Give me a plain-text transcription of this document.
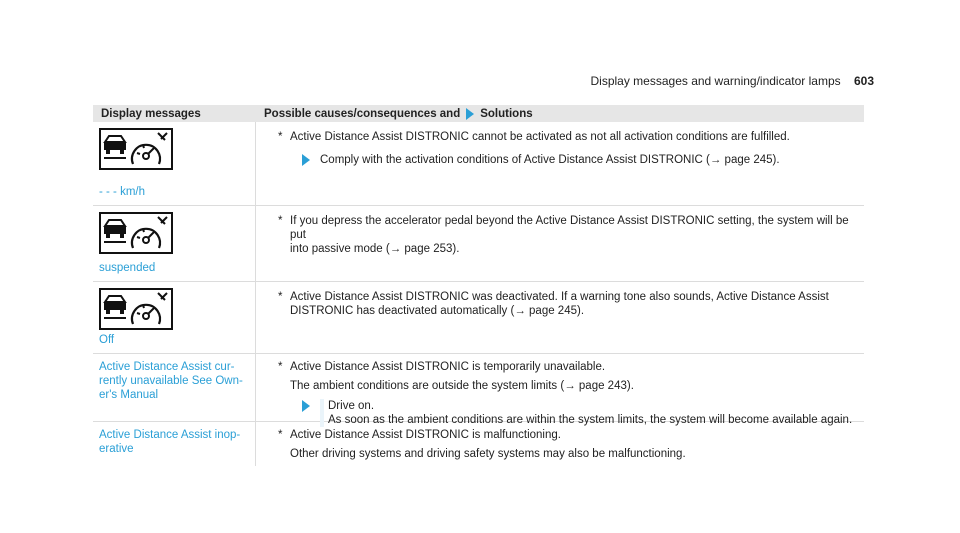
Display messages and warning/indicator lamps 603
Display messages	Possible causes/consequences and Solutions
- - - km/h
* Active Distance Assist DISTRONIC cannot be activated as not all activation conditions are fulfilled.
Comply with the activation conditions of Active Distance Assist DISTRONIC (→ page 245).
suspended
* If you depress the accelerator pedal beyond the Active Distance Assist DISTRONIC setting, the system will be put
into passive mode (→ page 253).
Off
* Active Distance Assist DISTRONIC was deactivated. If a warning tone also sounds, Active Distance Assist
DISTRONIC has deactivated automatically (→ page 245).
Active Distance Assist cur-
rently unavailable See Own-
er's Manual
* Active Distance Assist DISTRONIC is temporarily unavailable.
The ambient conditions are outside the system limits (→ page 243).
Drive on.
As soon as the ambient conditions are within the system limits, the system will become available again.
Active Distance Assist inop-
erative
* Active Distance Assist DISTRONIC is malfunctioning.
Other driving systems and driving safety systems may also be malfunctioning.
